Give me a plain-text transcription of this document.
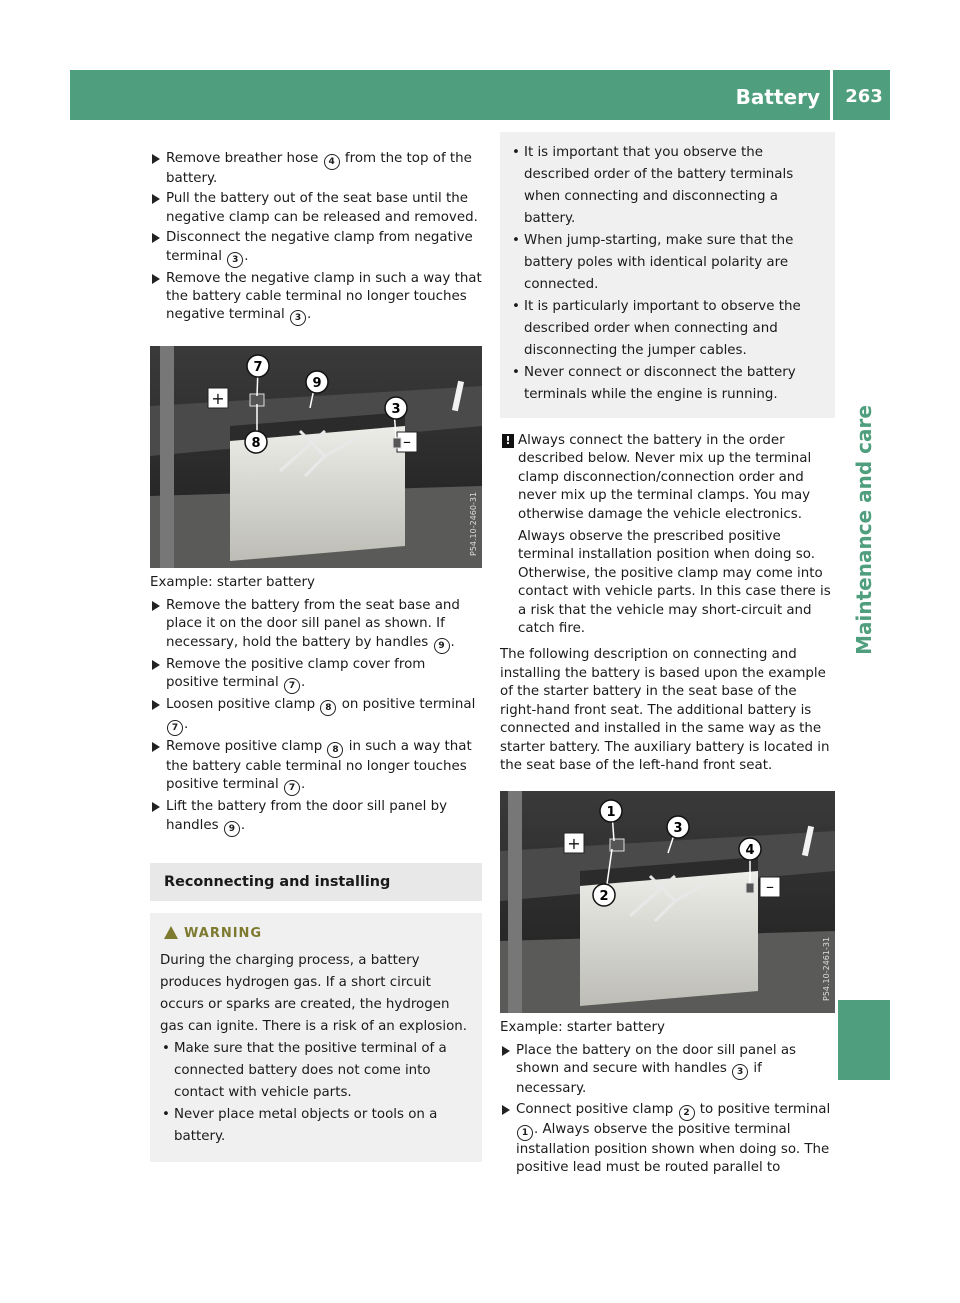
Battery	263
Maintenance and care
Remove breather hose 4 from the top of the battery.
Pull the battery out of the seat base until the negative clamp can be released and removed.
Disconnect the negative clamp from negative terminal 3 .
Remove the negative clamp in such a way that the battery cable terminal no longer touches negative terminal 3 .
+
–
7
9
3
8
P54.10-2460-31
Example: starter battery
Remove the battery from the seat base and place it on the door sill panel as shown. If necessary, hold the battery by handles 9 .
Remove the positive clamp cover from positive terminal 7 .
Loosen positive clamp 8 on positive terminal 7 .
Remove positive clamp 8 in such a way that the battery cable terminal no longer touches positive terminal 7 .
Lift the battery from the door sill panel by handles 9 .
Reconnecting and installing
WARNING
During the charging process, a battery produces hydrogen gas. If a short circuit occurs or sparks are created, the hydrogen gas can ignite. There is a risk of an explosion.
• Make sure that the positive terminal of a connected battery does not come into contact with vehicle parts.
• Never place metal objects or tools on a battery.
• It is important that you observe the described order of the battery terminals when connecting and disconnecting a battery.
• When jump-starting, make sure that the battery poles with identical polarity are connected.
• It is particularly important to observe the described order when connecting and disconnecting the jumper cables.
• Never connect or disconnect the battery terminals while the engine is running.
! Always connect the battery in the order described below. Never mix up the terminal clamp disconnection/connection order and never mix up the terminal clamps. You may otherwise damage the vehicle electronics.
Always observe the prescribed positive terminal installation position when doing so. Otherwise, the positive clamp may come into contact with vehicle parts. In this case there is a risk that the vehicle may short-circuit and catch fire.
The following description on connecting and installing the battery is based upon the example of the starter battery in the seat base of the right-hand front seat. The additional battery is connected and installed in the same way as the starter battery. The auxiliary battery is located in the seat base of the left-hand front seat.
+
–
1
3
4
2
P54.10-2461-31
Example: starter battery
Place the battery on the door sill panel as shown and secure with handles 3 if necessary.
Connect positive clamp 2 to positive terminal 1 . Always observe the positive terminal installation position shown when doing so. The positive lead must be routed parallel to
